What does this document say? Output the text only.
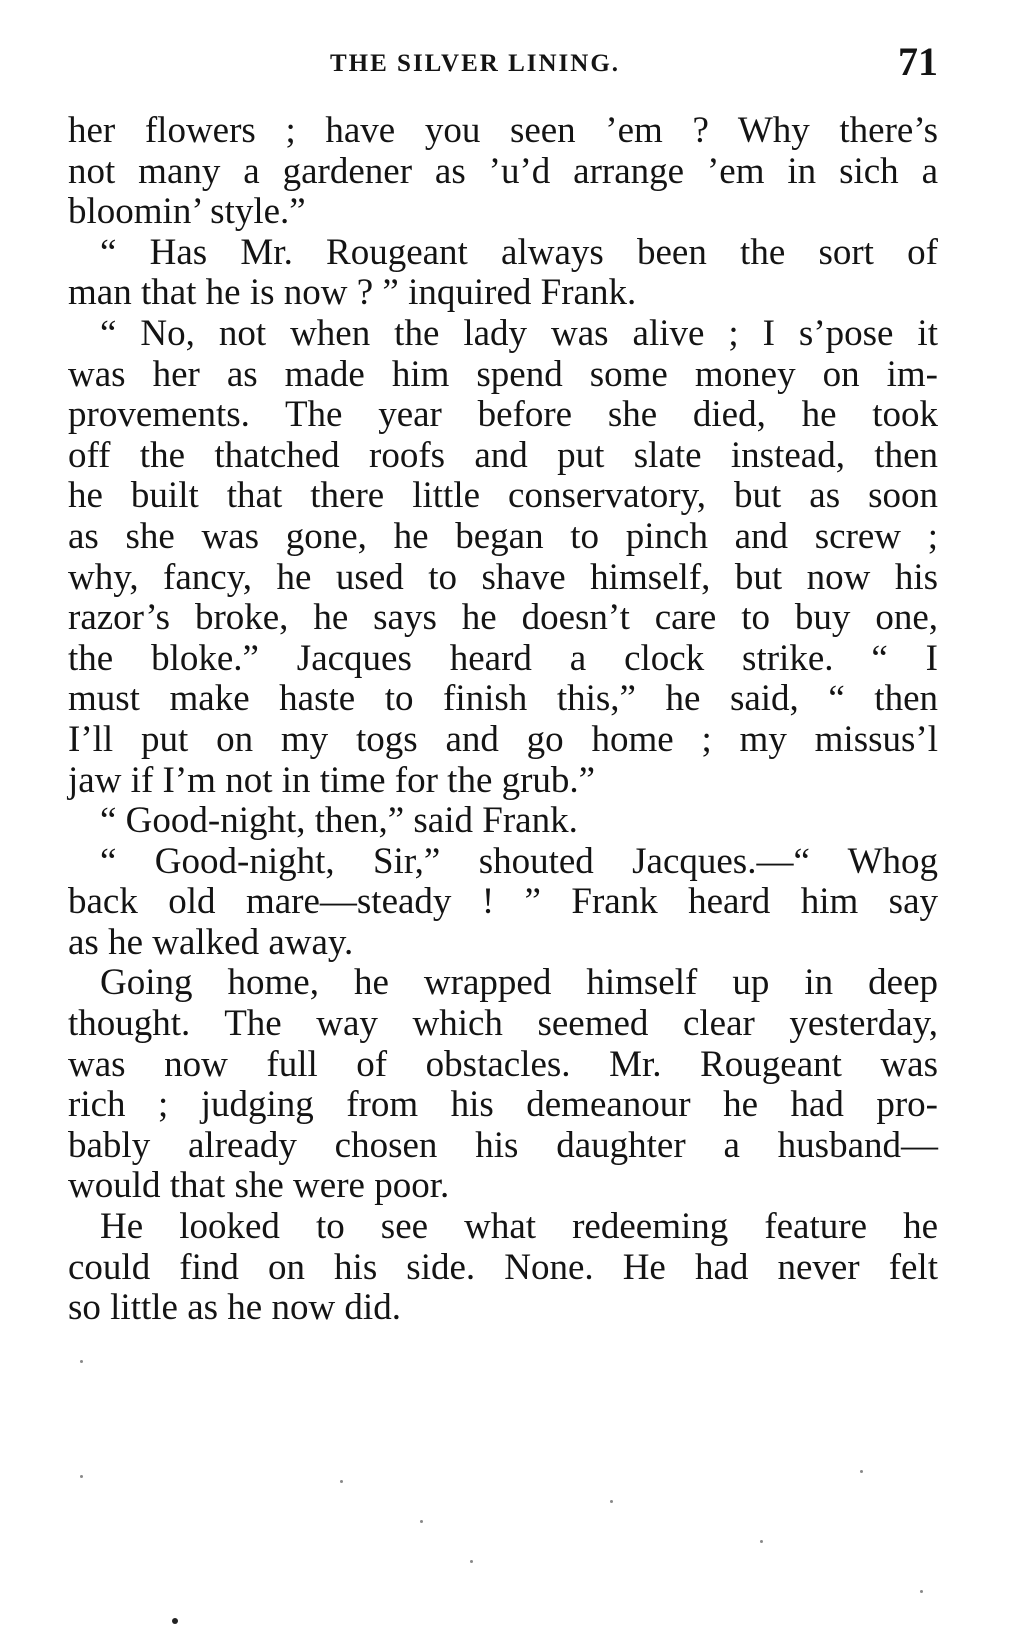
THE SILVER LINING.	71
her flowers ; have you seen ’em ? Why there’s
not many a gardener as ’u’d arrange ’em in sich a
bloomin’ style.”
“ Has Mr. Rougeant always been the sort of
man that he is now ? ” inquired Frank.
“ No, not when the lady was alive ; I s’pose it
was her as made him spend some money on im-
provements. The year before she died, he took
off the thatched roofs and put slate instead, then
he built that there little conservatory, but as soon
as she was gone, he began to pinch and screw ;
why, fancy, he used to shave himself, but now his
razor’s broke, he says he doesn’t care to buy one,
the bloke.” Jacques heard a clock strike. “ I
must make haste to finish this,” he said, “ then
I’ll put on my togs and go home ; my missus’l
jaw if I’m not in time for the grub.”
“ Good-night, then,” said Frank.
“ Good-night, Sir,” shouted Jacques.—“ Whog
back old mare—steady ! ” Frank heard him say
as he walked away.
Going home, he wrapped himself up in deep
thought. The way which seemed clear yesterday,
was now full of obstacles. Mr. Rougeant was
rich ; judging from his demeanour he had pro-
bably already chosen his daughter a husband—
would that she were poor.
He looked to see what redeeming feature he
could find on his side. None. He had never felt
so little as he now did.
